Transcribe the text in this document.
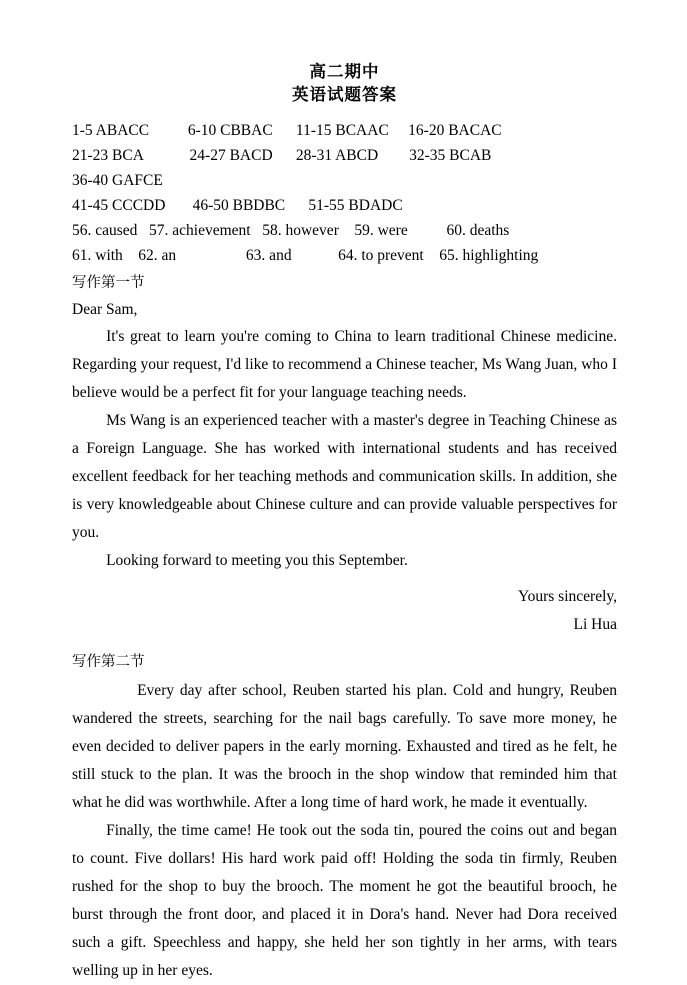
高二期中
英语试题答案
1-5 ABACC          6-10 CBBAC      11-15 BCAAC     16-20 BACAC
21-23 BCA            24-27 BACD      28-31 ABCD        32-35 BCAB
36-40 GAFCE
41-45 CCCDD       46-50 BBDBC      51-55 BDADC
56. caused   57. achievement   58. however    59. were          60. deaths
61. with    62. an                  63. and            64. to prevent    65. highlighting
写作第一节
Dear Sam,

It's great to learn you're coming to China to learn traditional Chinese medicine. Regarding your request, I'd like to recommend a Chinese teacher, Ms Wang Juan, who I believe would be a perfect fit for your language teaching needs.

Ms Wang is an experienced teacher with a master's degree in Teaching Chinese as a Foreign Language. She has worked with international students and has received excellent feedback for her teaching methods and communication skills. In addition, she is very knowledgeable about Chinese culture and can provide valuable perspectives for you.

Looking forward to meeting you this September.

Yours sincerely,
Li Hua
写作第二节

Every day after school, Reuben started his plan. Cold and hungry, Reuben wandered the streets, searching for the nail bags carefully. To save more money, he even decided to deliver papers in the early morning. Exhausted and tired as he felt, he still stuck to the plan. It was the brooch in the shop window that reminded him that what he did was worthwhile. After a long time of hard work, he made it eventually.

Finally, the time came! He took out the soda tin, poured the coins out and began to count. Five dollars! His hard work paid off! Holding the soda tin firmly, Reuben rushed for the shop to buy the brooch. The moment he got the beautiful brooch, he burst through the front door, and placed it in Dora's hand. Never had Dora received such a gift. Speechless and happy, she held her son tightly in her arms, with tears welling up in her eyes.
